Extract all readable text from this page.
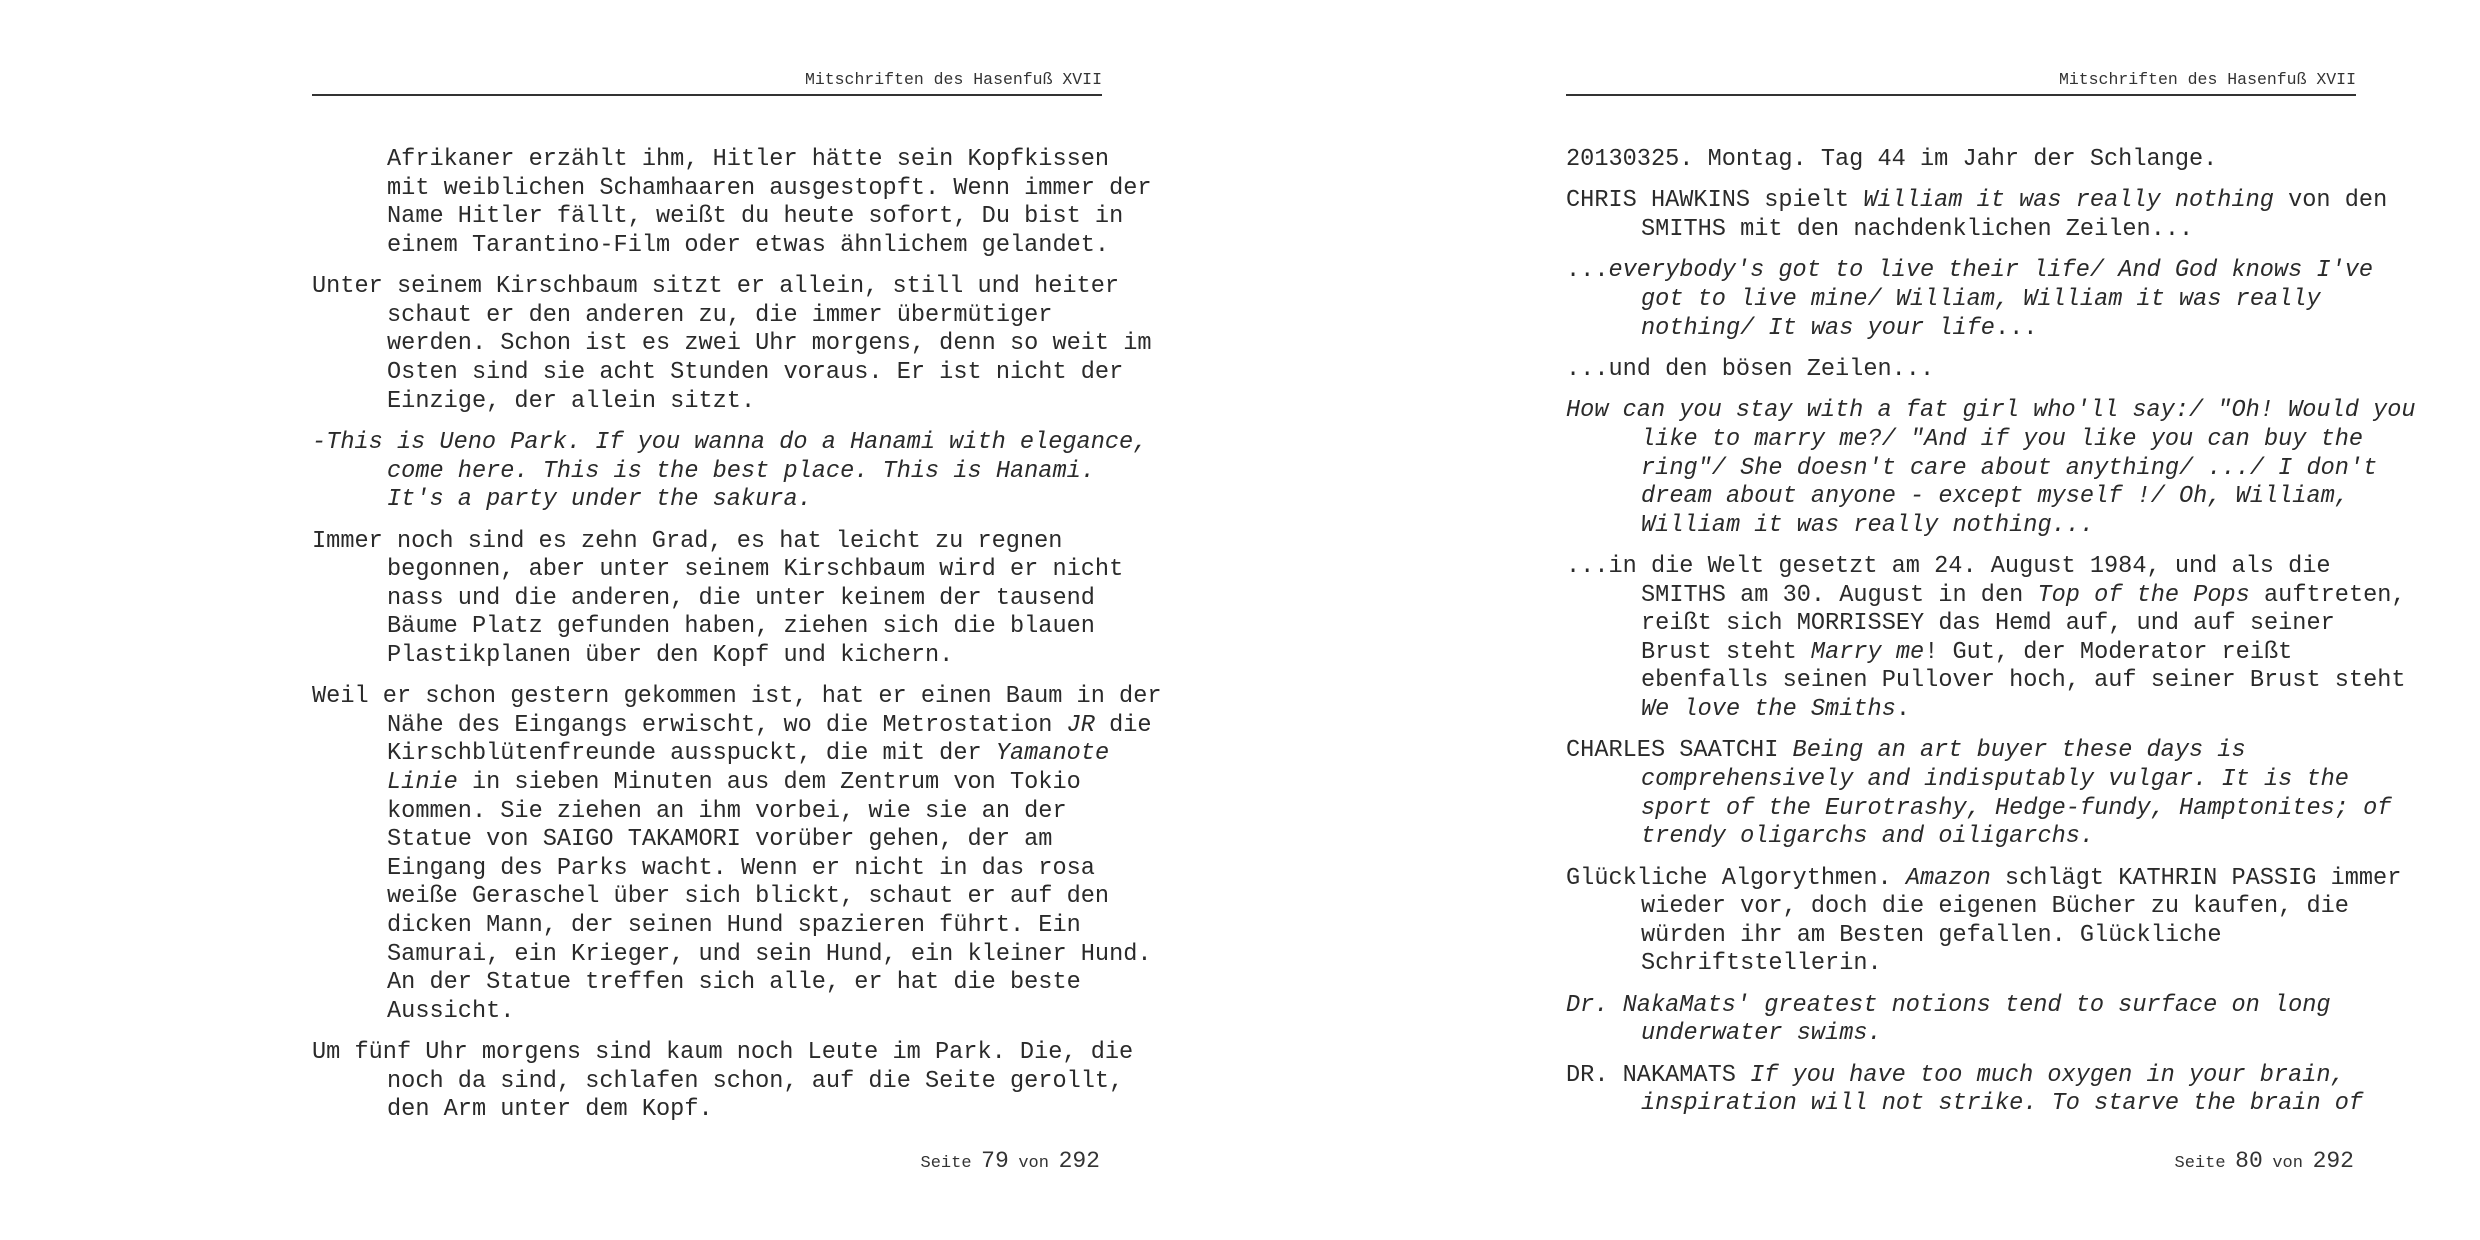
Mitschriften des Hasenfuß XVII
Afrikaner erzählt ihm, Hitler hätte sein Kopfkissen
mit weiblichen Schamhaaren ausgestopft. Wenn immer der
Name Hitler fällt, weißt du heute sofort, Du bist in
einem Tarantino-Film oder etwas ähnlichem gelandet.
Unter seinem Kirschbaum sitzt er allein, still und heiter
schaut er den anderen zu, die immer übermütiger
werden. Schon ist es zwei Uhr morgens, denn so weit im
Osten sind sie acht Stunden voraus. Er ist nicht der
Einzige, der allein sitzt.
-This is Ueno Park. If you wanna do a Hanami with elegance,
come here. This is the best place. This is Hanami.
It's a party under the sakura.
Immer noch sind es zehn Grad, es hat leicht zu regnen
begonnen, aber unter seinem Kirschbaum wird er nicht
nass und die anderen, die unter keinem der tausend
Bäume Platz gefunden haben, ziehen sich die blauen
Plastikplanen über den Kopf und kichern.
Weil er schon gestern gekommen ist, hat er einen Baum in der
Nähe des Eingangs erwischt, wo die Metrostation JR die
Kirschblütenfreunde ausspuckt, die mit der Yamanote
Linie in sieben Minuten aus dem Zentrum von Tokio
kommen. Sie ziehen an ihm vorbei, wie sie an der
Statue von SAIGO TAKAMORI vorüber gehen, der am
Eingang des Parks wacht. Wenn er nicht in das rosa
weiße Geraschel über sich blickt, schaut er auf den
dicken Mann, der seinen Hund spazieren führt. Ein
Samurai, ein Krieger, und sein Hund, ein kleiner Hund.
An der Statue treffen sich alle, er hat die beste
Aussicht.
Um fünf Uhr morgens sind kaum noch Leute im Park. Die, die
noch da sind, schlafen schon, auf die Seite gerollt,
den Arm unter dem Kopf.
Seite 79 von 292
Mitschriften des Hasenfuß XVII
20130325. Montag. Tag 44 im Jahr der Schlange.
CHRIS HAWKINS spielt William it was really nothing von den
SMITHS mit den nachdenklichen Zeilen...
...everybody's got to live their life/ And God knows I've
got to live mine/ William, William it was really
nothing/ It was your life...
...und den bösen Zeilen...
How can you stay with a fat girl who'll say:/ "Oh! Would you
like to marry me?/ "And if you like you can buy the
ring"/ She doesn't care about anything/ .../ I don't
dream about anyone - except myself !/ Oh, William,
William it was really nothing...
...in die Welt gesetzt am 24. August 1984, und als die
SMITHS am 30. August in den Top of the Pops auftreten,
reißt sich MORRISSEY das Hemd auf, und auf seiner
Brust steht Marry me! Gut, der Moderator reißt
ebenfalls seinen Pullover hoch, auf seiner Brust steht
We love the Smiths.
CHARLES SAATCHI Being an art buyer these days is
comprehensively and indisputably vulgar. It is the
sport of the Eurotrashy, Hedge-fundy, Hamptonites; of
trendy oligarchs and oiligarchs.
Glückliche Algorythmen. Amazon schlägt KATHRIN PASSIG immer
wieder vor, doch die eigenen Bücher zu kaufen, die
würden ihr am Besten gefallen. Glückliche
Schriftstellerin.
Dr. NakaMats' greatest notions tend to surface on long
underwater swims.
DR. NAKAMATS If you have too much oxygen in your brain,
inspiration will not strike. To starve the brain of
Seite 80 von 292
